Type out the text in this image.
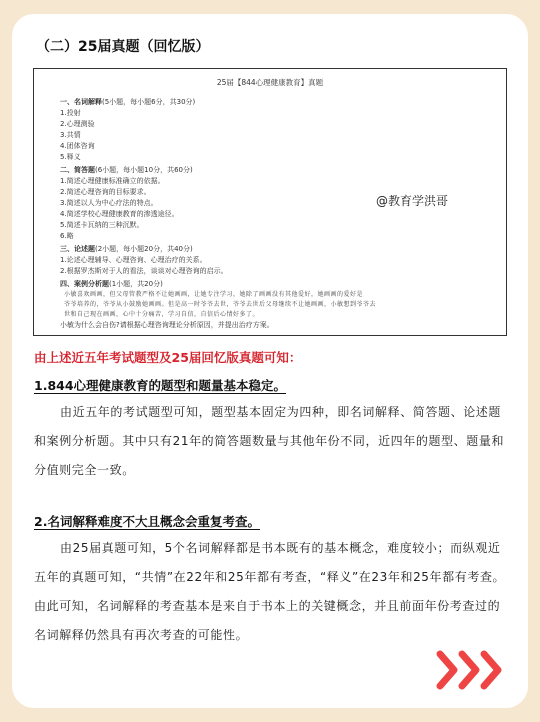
（二）25届真题（回忆版）
25届【844心理健康教育】真题
一、名词解释(5小题，每小题6分，共30分)
1.投射
2.心理测验
3.共情
4.团体咨询
5.释义
二、简答题(6小题，每小题10分，共60分)
1.简述心理健康标准确立的依据。
2.简述心理咨询的目标要求。
3.简述以人为中心疗法的特点。
4.简述学校心理健康教育的渗透途径。
5.简述卡瓦纳的三种沉默。
6.略
三、论述题(2小题，每小题20分，共40分)
1.论述心理辅导、心理咨询、心理治疗的关系。
2.根据罗杰斯对于人的看法，谈谈对心理咨询的启示。
四、案例分析题(1小题，共20分)
小敏喜欢画画，但父母管教严格不让她画画，让她专注学习，她除了画画没有其他爱好，她画画的爱好是
爷爷培养的，爷爷从小鼓励她画画。但是高一时爷爷去世，爷爷去世后父母继续不让她画画，小敏想到爷爷去
世和自己现在画画，心中十分痛苦，学习自信，自信后心情好多了。
小敏为什么会自伤?请根据心理咨询理论分析原因，并提出治疗方案。
@教育学洪哥
由上述近五年考试题型及25届回忆版真题可知：
1.844心理健康教育的题型和题量基本稳定。

由近五年的考试题型可知，题型基本固定为四种，即名词解释、简答题、论述题和案例分析题。其中只有21年的简答题数量与其他年份不同，近四年的题型、题量和分值则完全一致。

2.名词解释难度不大且概念会重复考查。

由25届真题可知，5个名词解释都是书本既有的基本概念，难度较小；而纵观近五年的真题可知，“共情”在22年和25年都有考查，“释义”在23年和25年都有考查。由此可知，名词解释的考查基本是来自于书本上的关键概念，并且前面年份考查过的名词解释仍然具有再次考查的可能性。
